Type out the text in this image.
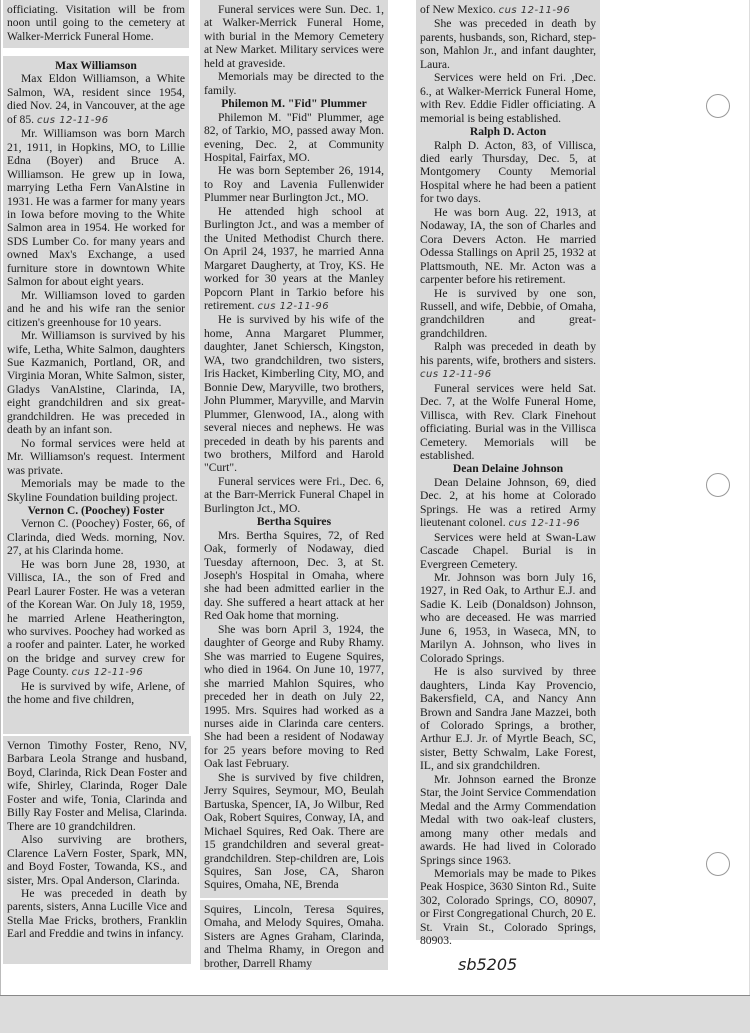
officiating. Visitation will be from noon until going to the cemetery at Walker-Merrick Funeral Home.

Max Williamson

Max Eldon Williamson, a White Salmon, WA, resident since 1954, died Nov. 24, in Vancouver, at the age of 85. cus 12-11-96

Mr. Williamson was born March 21, 1911, in Hopkins, MO, to Lillie Edna (Boyer) and Bruce A. Williamson. He grew up in Iowa, marrying Letha Fern VanAlstine in 1931. He was a farmer for many years in Iowa before moving to the White Salmon area in 1954. He worked for SDS Lumber Co. for many years and owned Max's Exchange, a used furniture store in downtown White Salmon for about eight years.

Mr. Williamson loved to garden and he and his wife ran the senior citizen's greenhouse for 10 years.

Mr. Williamson is survived by his wife, Letha, White Salmon, daughters Sue Kazmanich, Portland, OR, and Virginia Moran, White Salmon, sister, Gladys VanAlstine, Clarinda, IA, eight grandchildren and six great-grandchildren. He was preceded in death by an infant son.

No formal services were held at Mr. Williamson's request. Interment was private.

Memorials may be made to the Skyline Foundation building project.

Vernon C. (Poochey) Foster

Vernon C. (Poochey) Foster, 66, of Clarinda, died Weds. morning, Nov. 27, at his Clarinda home.

He was born June 28, 1930, at Villisca, IA., the son of Fred and Pearl Laurer Foster. He was a veteran of the Korean War. On July 18, 1959, he married Arlene Heatherington, who survives. Poochey had worked as a roofer and painter. Later, he worked on the bridge and survey crew for Page County. cus 12-11-96

He is survived by wife, Arlene, of the home and five children,

Vernon Timothy Foster, Reno, NV, Barbara Leola Strange and husband, Boyd, Clarinda, Rick Dean Foster and wife, Shirley, Clarinda, Roger Dale Foster and wife, Tonia, Clarinda and Billy Ray Foster and Melisa, Clarinda. There are 10 grandchildren.

Also surviving are brothers, Clarence LaVern Foster, Spark, MN, and Boyd Foster, Towanda, KS., and sister, Mrs. Opal Anderson, Clarinda.

He was preceded in death by parents, sisters, Anna Lucille Vice and Stella Mae Fricks, brothers, Franklin Earl and Freddie and twins in infancy.

Funeral services were Sun. Dec. 1, at Walker-Merrick Funeral Home, with burial in the Memory Cemetery at New Market. Military services were held at graveside.

Memorials may be directed to the family.

Philemon M. "Fid" Plummer

Philemon M. "Fid" Plummer, age 82, of Tarkio, MO, passed away Mon. evening, Dec. 2, at Community Hospital, Fairfax, MO.

He was born September 26, 1914, to Roy and Lavenia Fullenwider Plummer near Burlington Jct., MO.

He attended high school at Burlington Jct., and was a member of the United Methodist Church there. On April 24, 1937, he married Anna Margaret Daugherty, at Troy, KS. He worked for 30 years at the Manley Popcorn Plant in Tarkio before his retirement. cus 12-11-96

He is survived by his wife of the home, Anna Margaret Plummer, daughter, Janet Schiersch, Kingston, WA, two grandchildren, two sisters, Iris Hacket, Kimberling City, MO, and Bonnie Dew, Maryville, two brothers, John Plummer, Maryville, and Marvin Plummer, Glenwood, IA., along with several nieces and nephews. He was preceded in death by his parents and two brothers, Milford and Harold "Curt".

Funeral services were Fri., Dec. 6, at the Barr-Merrick Funeral Chapel in Burlington Jct., MO.

Bertha Squires

Mrs. Bertha Squires, 72, of Red Oak, formerly of Nodaway, died Tuesday afternoon, Dec. 3, at St. Joseph's Hospital in Omaha, where she had been admitted earlier in the day. She suffered a heart attack at her Red Oak home that morning.

She was born April 3, 1924, the daughter of George and Ruby Rhamy. She was married to Eugene Squires, who died in 1964. On June 10, 1977, she married Mahlon Squires, who preceded her in death on July 22, 1995. Mrs. Squires had worked as a nurses aide in Clarinda care centers. She had been a resident of Nodaway for 25 years before moving to Red Oak last February.

She is survived by five children, Jerry Squires, Seymour, MO, Beulah Bartuska, Spencer, IA, Jo Wilbur, Red Oak, Robert Squires, Conway, IA, and Michael Squires, Red Oak. There are 15 grandchildren and several great-grandchildren. Step-children are, Lois Squires, San Jose, CA, Sharon Squires, Omaha, NE, Brenda

Squires, Lincoln, Teresa Squires, Omaha, and Melody Squires, Omaha. Sisters are Agnes Graham, Clarinda, and Thelma Rhamy, in Oregon and brother, Darrell Rhamy

of New Mexico. cus 12-11-96

She was preceded in death by parents, husbands, son, Richard, step-son, Mahlon Jr., and infant daughter, Laura.

Services were held on Fri. ,Dec. 6., at Walker-Merrick Funeral Home, with Rev. Eddie Fidler officiating. A memorial is being established.

Ralph D. Acton

Ralph D. Acton, 83, of Villisca, died early Thursday, Dec. 5, at Montgomery County Memorial Hospital where he had been a patient for two days.

He was born Aug. 22, 1913, at Nodaway, IA, the son of Charles and Cora Devers Acton. He married Odessa Stallings on April 25, 1932 at Plattsmouth, NE. Mr. Acton was a carpenter before his retirement.

He is survived by one son, Russell, and wife, Debbie, of Omaha, grandchildren and great-grandchildren.

Ralph was preceded in death by his parents, wife, brothers and sisters. cus 12-11-96

Funeral services were held Sat. Dec. 7, at the Wolfe Funeral Home, Villisca, with Rev. Clark Finehout officiating. Burial was in the Villisca Cemetery. Memorials will be established.

Dean Delaine Johnson

Dean Delaine Johnson, 69, died Dec. 2, at his home at Colorado Springs. He was a retired Army lieutenant colonel. cus 12-11-96

Services were held at Swan-Law Cascade Chapel. Burial is in Evergreen Cemetery.

Mr. Johnson was born July 16, 1927, in Red Oak, to Arthur E.J. and Sadie K. Leib (Donaldson) Johnson, who are deceased. He was married June 6, 1953, in Waseca, MN, to Marilyn A. Johnson, who lives in Colorado Springs.

He is also survived by three daughters, Linda Kay Provencio, Bakersfield, CA, and Nancy Ann Brown and Sandra Jane Mazzei, both of Colorado Springs, a brother, Arthur E.J. Jr. of Myrtle Beach, SC, sister, Betty Schwalm, Lake Forest, IL, and six grandchildren.

Mr. Johnson earned the Bronze Star, the Joint Service Commendation Medal and the Army Commendation Medal with two oak-leaf clusters, among many other medals and awards. He had lived in Colorado Springs since 1963.

Memorials may be made to Pikes Peak Hospice, 3630 Sinton Rd., Suite 302, Colorado Springs, CO, 80907, or First Congregational Church, 20 E. St. Vrain St., Colorado Springs, 80903.

sb5205
